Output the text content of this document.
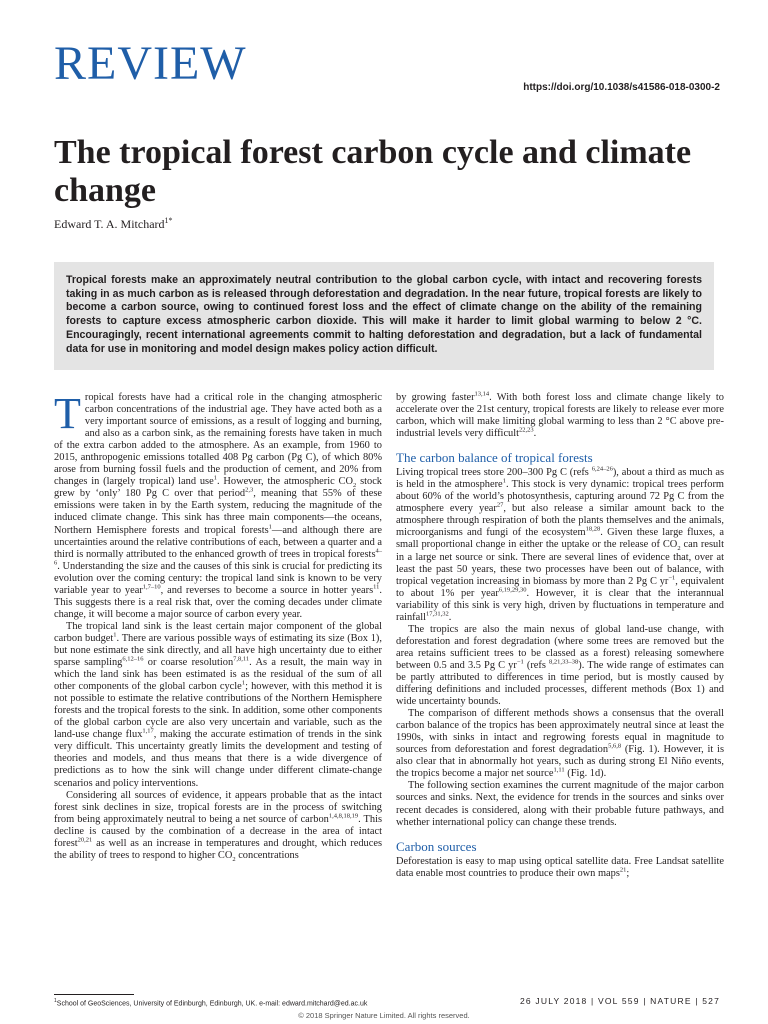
REVIEW	https://doi.org/10.1038/s41586-018-0300-2
The tropical forest carbon cycle and climate change
Edward T. A. Mitchard$^{1*}$

Tropical forests make an approximately neutral contribution to the global carbon cycle, with intact and recovering forests taking in as much carbon as is released through deforestation and degradation. In the near future, tropical forests are likely to become a carbon source, owing to continued forest loss and the effect of climate change on the ability of the remaining forests to capture excess atmospheric carbon dioxide. This will make it harder to limit global warming to below 2 °C. Encouragingly, recent international agreements commit to halting deforestation and degradation, but a lack of fundamental data for use in monitoring and model design makes policy action difficult.

Tropical forests have had a critical role in the changing atmospheric carbon concentrations of the industrial age. They have acted both as a very important source of emissions, as a result of logging and burning, and also as a carbon sink, as the remaining forests have taken in much of the extra carbon added to the atmosphere. As an example, from 1960 to 2015, anthropogenic emissions totalled 408 Pg carbon (Pg C), of which 80% arose from burning fossil fuels and the production of cement, and 20% from changes in (largely tropical) land use$^1$. However, the atmospheric $CO_2$ stock grew by ‘only’ 180 Pg C over that period$^{2,3}$, meaning that 55% of these emissions were taken in by the Earth system, reducing the magnitude of the induced climate change. This sink has three main components—the oceans, Northern Hemisphere forests and tropical forests$^1$—and although there are uncertainties around the relative contributions of each, between a quarter and a third is normally attributed to the enhanced growth of trees in tropical forests$^{4-6}$. Understanding the size and the causes of this sink is crucial for predicting its evolution over the coming century: the tropical land sink is known to be very variable year to year$^{1,7-10}$, and reverses to become a source in hotter years$^{11}$. This suggests there is a real risk that, over the coming decades under climate change, it will become a major source of carbon every year.

The tropical land sink is the least certain major component of the global carbon budget$^1$. There are various possible ways of estimating its size (Box 1), but none estimate the sink directly, and all have high uncertainty due to either sparse sampling$^{6,12-16}$ or coarse resolution$^{7,8,11}$. As a result, the main way in which the land sink has been estimated is as the residual of the sum of all other components of the global carbon cycle$^1$; however, with this method it is not possible to estimate the relative contributions of the Northern Hemisphere forests and the tropical forests to the sink. In addition, some other components of the global carbon cycle are also very uncertain and variable, such as the land-use change flux$^{1,17}$, making the accurate estimation of trends in the sink very difficult. This uncertainty greatly limits the development and testing of theories and models, and thus means that there is a wide divergence of predictions as to how the sink will change under different climate-change scenarios and policy interventions.

Considering all sources of evidence, it appears probable that as the intact forest sink declines in size, tropical forests are in the process of switching from being approximately neutral to being a net source of carbon$^{1,4,8,18,19}$. This decline is caused by the combination of a decrease in the area of intact forest$^{20,21}$ as well as an increase in temperatures and drought, which reduces the ability of trees to respond to higher $CO_2$ concentrations

by growing faster$^{13,14}$. With both forest loss and climate change likely to accelerate over the 21st century, tropical forests are likely to release ever more carbon, which will make limiting global warming to less than 2 °C above pre-industrial levels very difficult$^{22,23}$.

The carbon balance of tropical forests

Living tropical trees store 200–300 Pg C (refs $^{6,24-26}$), about a third as much as is held in the atmosphere$^1$. This stock is very dynamic: tropical trees perform about 60% of the world’s photosynthesis, capturing around 72 Pg C from the atmosphere every year$^{27}$, but also release a similar amount back to the atmosphere through respiration of both the plants themselves and the animals, microorganisms and fungi of the ecosystem$^{18,28}$. Given these large fluxes, a small proportional change in either the uptake or the release of $CO_2$ can result in a large net source or sink. There are several lines of evidence that, over at least the past 50 years, these two processes have been out of balance, with tropical vegetation increasing in biomass by more than 2 Pg C $yr^{-1}$, equivalent to about 1% per year$^{6,19,29,30}$. However, it is clear that the interannual variability of this sink is very high, driven by fluctuations in temperature and rainfall$^{17,31,32}$.

The tropics are also the main nexus of global land-use change, with deforestation and forest degradation (where some trees are removed but the area retains sufficient trees to be classed as a forest) releasing somewhere between 0.5 and 3.5 Pg C $yr^{-1}$ (refs $^{8,21,33-38}$). The wide range of estimates can be partly attributed to differences in time period, but is mostly caused by differing definitions and included processes, different methods (Box 1) and wide uncertainty bounds.

The comparison of different methods shows a consensus that the overall carbon balance of the tropics has been approximately neutral since at least the 1990s, with sinks in intact and regrowing forests equal in magnitude to sources from deforestation and forest degradation$^{5,6,8}$ (Fig. 1). However, it is also clear that in abnormally hot years, such as during strong El Niño events, the tropics become a major net source$^{1,11}$ (Fig. 1d).

The following section examines the current magnitude of the major carbon sources and sinks. Next, the evidence for trends in the sources and sinks over recent decades is considered, along with their probable future pathways, and whether international policy can change these trends.

Carbon sources

Deforestation is easy to map using optical satellite data. Free Landsat satellite data enable most countries to produce their own maps$^{21}$;

$^1$School of GeoSciences, University of Edinburgh, Edinburgh, UK. e-mail: edward.mitchard@ed.ac.uk	26 JULY 2018 | VOL 559 | NATURE | 527
© 2018 Springer Nature Limited. All rights reserved.
